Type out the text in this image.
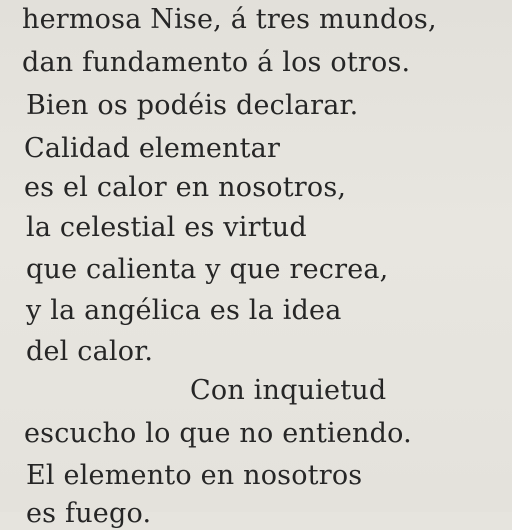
hermosa Nise, á tres mundos,
dan fundamento á los otros.
Bien os podéis declarar.
Calidad elementar
es el calor en nosotros,
la celestial es virtud
que calienta y que recrea,
y la angélica es la idea
del calor.
Con inquietud
escucho lo que no entiendo.
El elemento en nosotros
es fuego.
